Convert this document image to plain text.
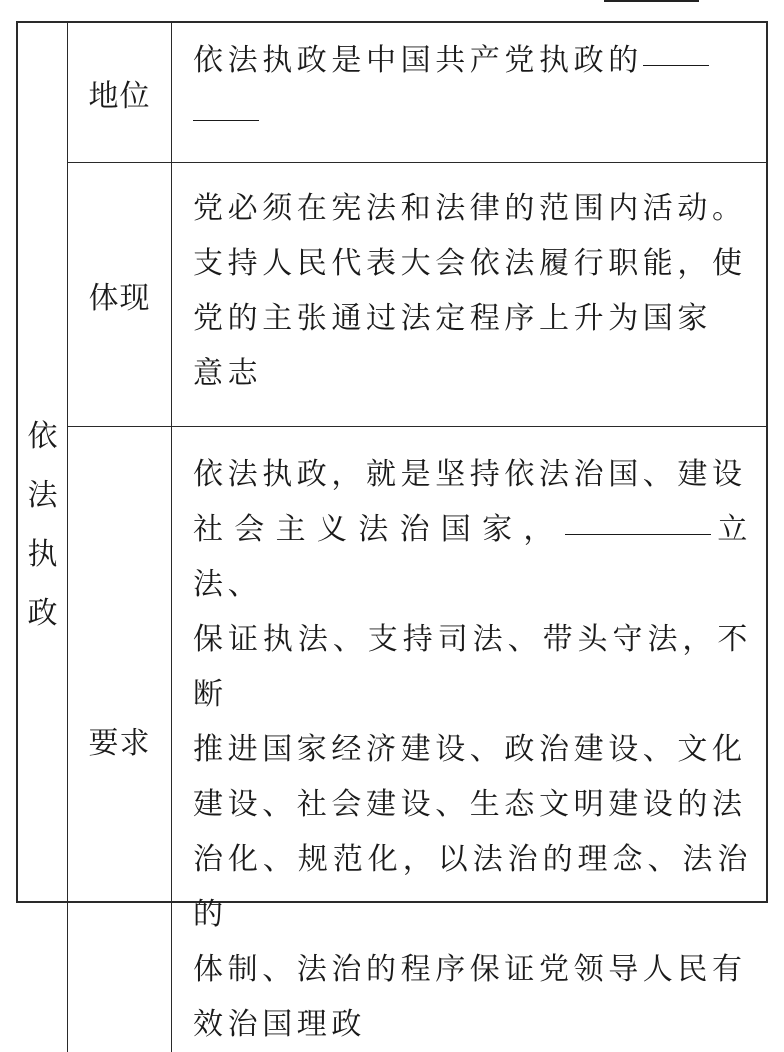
依法执政
地位
依法执政是中国共产党执政的

体现
党必须在宪法和法律的范围内活动。
支持人民代表大会依法履行职能，使
党的主张通过法定程序上升为国家
意志
要求
依法执政，就是坚持依法治国、建设
社会主义法治国家，	立法、
保证执法、支持司法、带头守法，不断
推进国家经济建设、政治建设、文化
建设、社会建设、生态文明建设的法
治化、规范化，以法治的理念、法治的
体制、法治的程序保证党领导人民有
效治国理政
